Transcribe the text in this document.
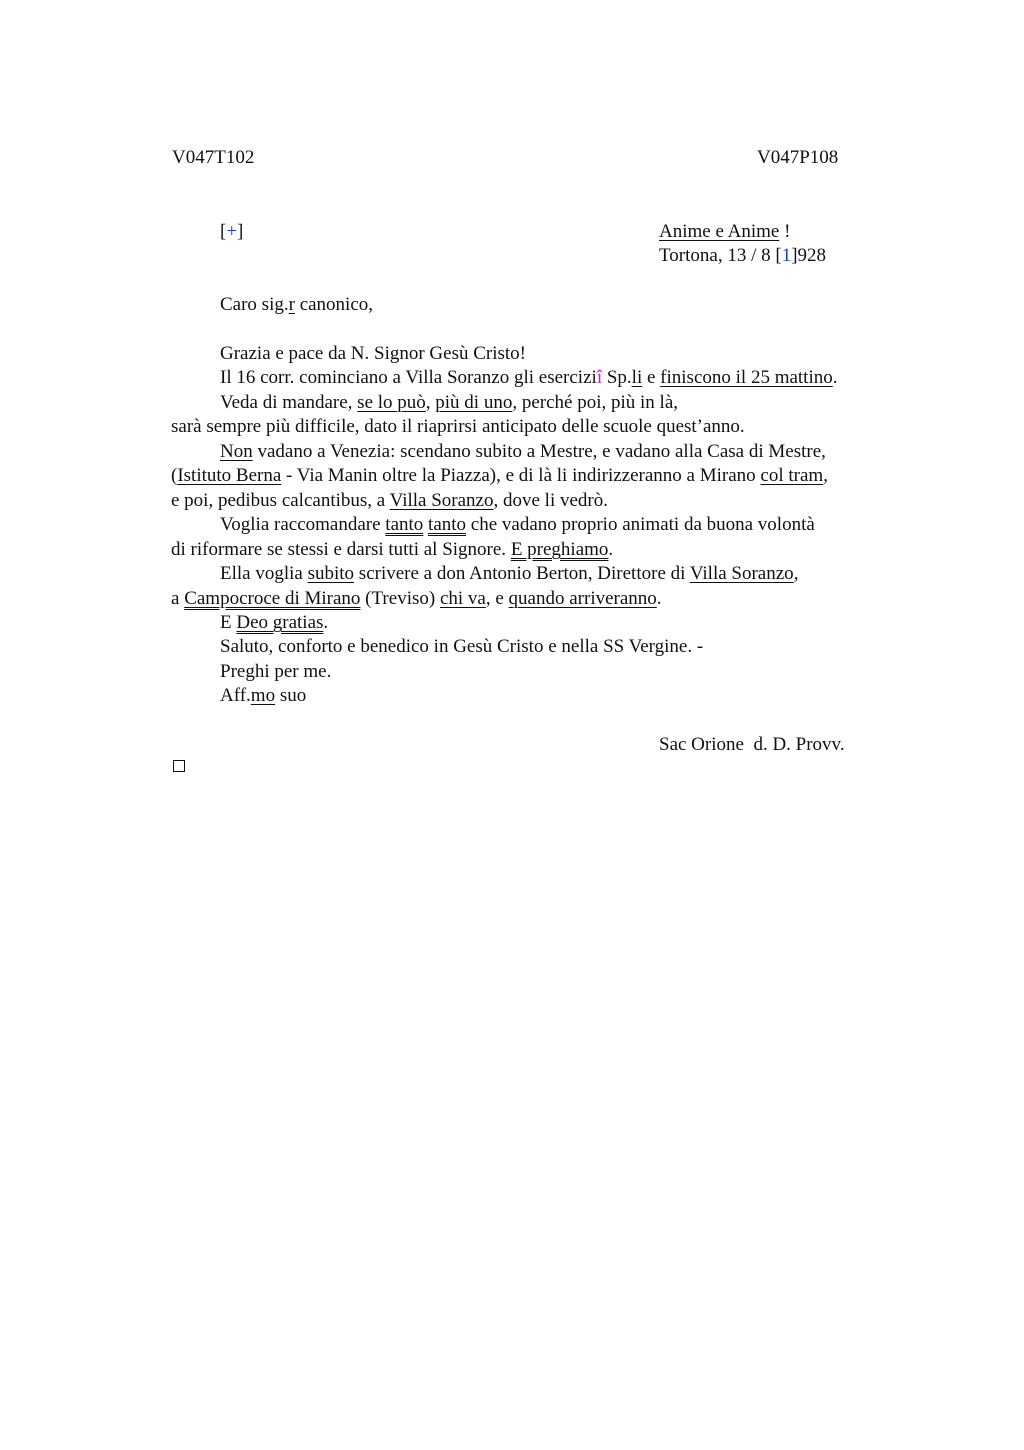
V047T102	V047P108
[+]	Anime e Anime !
Tortona, 13 / 8 [1]928
Caro sig.r canonico,
Grazia e pace da N. Signor Gesù Cristo!
Il 16 corr. cominciano a Villa Soranzo gli eserciziî Sp.li e finiscono il 25 mattino.
Veda di mandare, se lo può, più di uno, perché poi, più in là,
sarà sempre più difficile, dato il riaprirsi anticipato delle scuole quest’anno.
Non vadano a Venezia: scendano subito a Mestre, e vadano alla Casa di Mestre,
(Istituto Berna - Via Manin oltre la Piazza), e di là li indirizzeranno a Mirano col tram,
e poi, pedibus calcantibus, a Villa Soranzo, dove li vedrò.
Voglia raccomandare tanto tanto che vadano proprio animati da buona volontà
di riformare se stessi e darsi tutti al Signore. E preghiamo.
Ella voglia subito scrivere a don Antonio Berton, Direttore di Villa Soranzo,
a Campocroce di Mirano (Treviso) chi va, e quando arriveranno.
E Deo gratias.
Saluto, conforto e benedico in Gesù Cristo e nella SS Vergine. -
Preghi per me.
Aff.mo suo
Sac Orione  d. D. Provv.
